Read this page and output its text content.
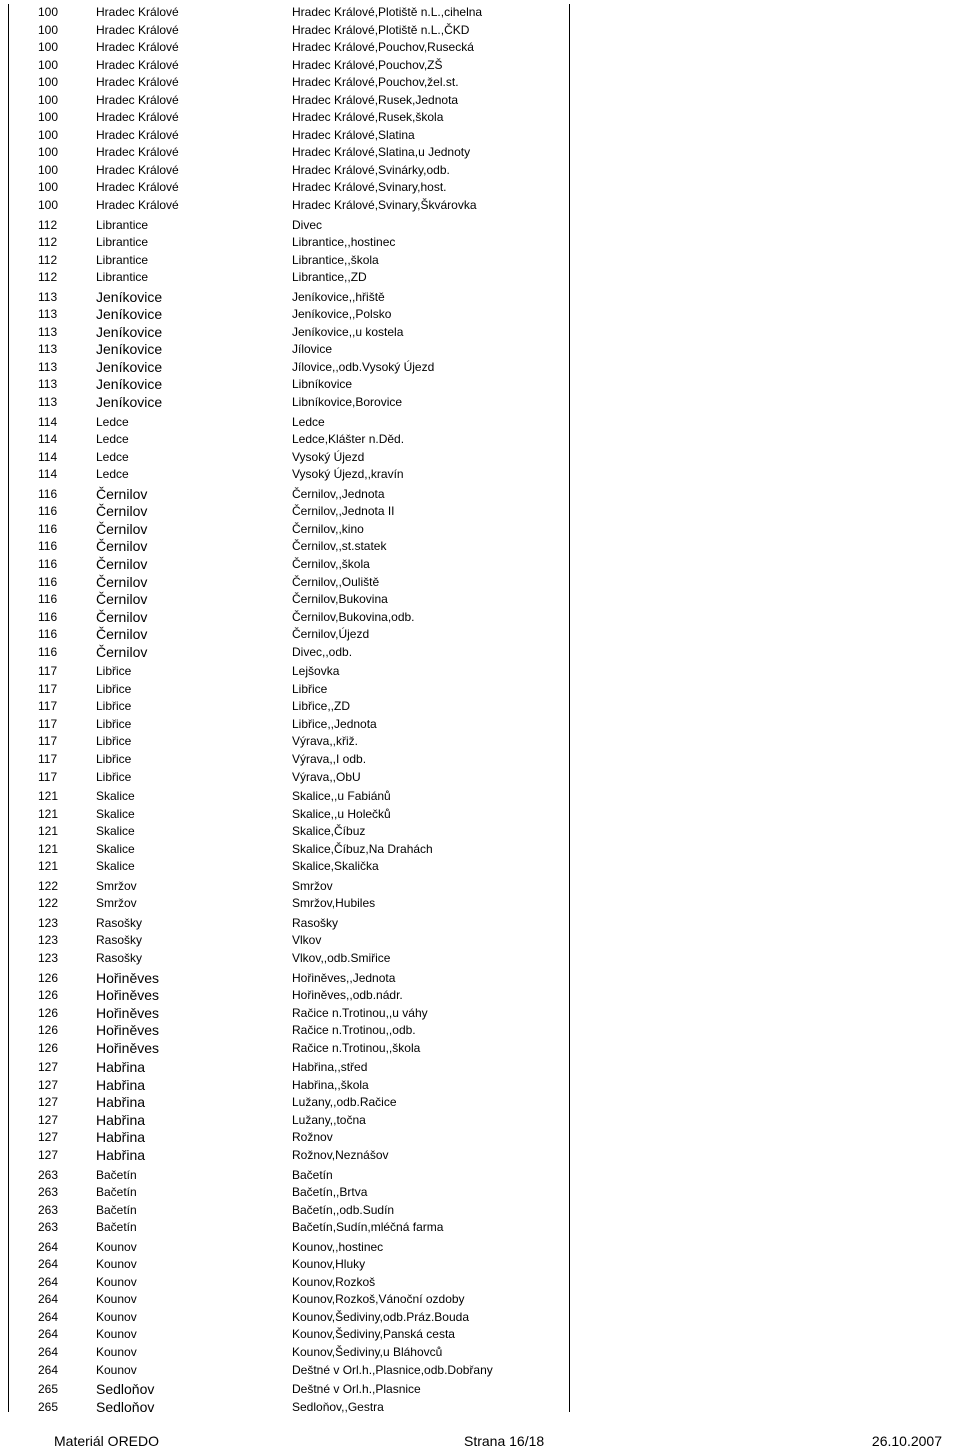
100	Hradec Králové	Hradec Králové,Plotiště n.L.,cihelna
100	Hradec Králové	Hradec Králové,Plotiště n.L.,ČKD
100	Hradec Králové	Hradec Králové,Pouchov,Rusecká
100	Hradec Králové	Hradec Králové,Pouchov,ZŠ
100	Hradec Králové	Hradec Králové,Pouchov,žel.st.
100	Hradec Králové	Hradec Králové,Rusek,Jednota
100	Hradec Králové	Hradec Králové,Rusek,škola
100	Hradec Králové	Hradec Králové,Slatina
100	Hradec Králové	Hradec Králové,Slatina,u Jednoty
100	Hradec Králové	Hradec Králové,Svinárky,odb.
100	Hradec Králové	Hradec Králové,Svinary,host.
100	Hradec Králové	Hradec Králové,Svinary,Škvárovka
112	Librantice	Divec
112	Librantice	Librantice,,hostinec
112	Librantice	Librantice,,škola
112	Librantice	Librantice,,ZD
113	Jeníkovice	Jeníkovice,,hřiště
113	Jeníkovice	Jeníkovice,,Polsko
113	Jeníkovice	Jeníkovice,,u kostela
113	Jeníkovice	Jílovice
113	Jeníkovice	Jílovice,,odb.Vysoký Újezd
113	Jeníkovice	Libníkovice
113	Jeníkovice	Libníkovice,Borovice
114	Ledce	Ledce
114	Ledce	Ledce,Klášter n.Děd.
114	Ledce	Vysoký Újezd
114	Ledce	Vysoký Újezd,,kravín
116	Černilov	Černilov,,Jednota
116	Černilov	Černilov,,Jednota II
116	Černilov	Černilov,,kino
116	Černilov	Černilov,,st.statek
116	Černilov	Černilov,,škola
116	Černilov	Černilov,,Ouliště
116	Černilov	Černilov,Bukovina
116	Černilov	Černilov,Bukovina,odb.
116	Černilov	Černilov,Újezd
116	Černilov	Divec,,odb.
117	Libřice	Lejšovka
117	Libřice	Libřice
117	Libřice	Libřice,,ZD
117	Libřice	Libřice,,Jednota
117	Libřice	Výrava,,křiž.
117	Libřice	Výrava,,I odb.
117	Libřice	Výrava,,ObU
121	Skalice	Skalice,,u Fabiánů
121	Skalice	Skalice,,u Holečků
121	Skalice	Skalice,Číbuz
121	Skalice	Skalice,Číbuz,Na Drahách
121	Skalice	Skalice,Skalička
122	Smržov	Smržov
122	Smržov	Smržov,Hubiles
123	Rasošky	Rasošky
123	Rasošky	Vlkov
123	Rasošky	Vlkov,,odb.Smiřice
126	Hořiněves	Hořiněves,,Jednota
126	Hořiněves	Hořiněves,,odb.nádr.
126	Hořiněves	Račice n.Trotinou,,u váhy
126	Hořiněves	Račice n.Trotinou,,odb.
126	Hořiněves	Račice n.Trotinou,,škola
127	Habřina	Habřina,,střed
127	Habřina	Habřina,,škola
127	Habřina	Lužany,,odb.Račice
127	Habřina	Lužany,,točna
127	Habřina	Rožnov
127	Habřina	Rožnov,Neznášov
263	Bačetín	Bačetín
263	Bačetín	Bačetín,,Brtva
263	Bačetín	Bačetín,,odb.Sudín
263	Bačetín	Bačetín,Sudín,mléčná farma
264	Kounov	Kounov,,hostinec
264	Kounov	Kounov,Hluky
264	Kounov	Kounov,Rozkoš
264	Kounov	Kounov,Rozkoš,Vánoční ozdoby
264	Kounov	Kounov,Šediviny,odb.Práz.Bouda
264	Kounov	Kounov,Šediviny,Panská cesta
264	Kounov	Kounov,Šediviny,u Bláhovců
264	Kounov	Deštné v Orl.h.,Plasnice,odb.Dobřany
265	Sedloňov	Deštné v Orl.h.,Plasnice
265	Sedloňov	Sedloňov,,Gestra
Materiál OREDO	Strana 16/18	26.10.2007
